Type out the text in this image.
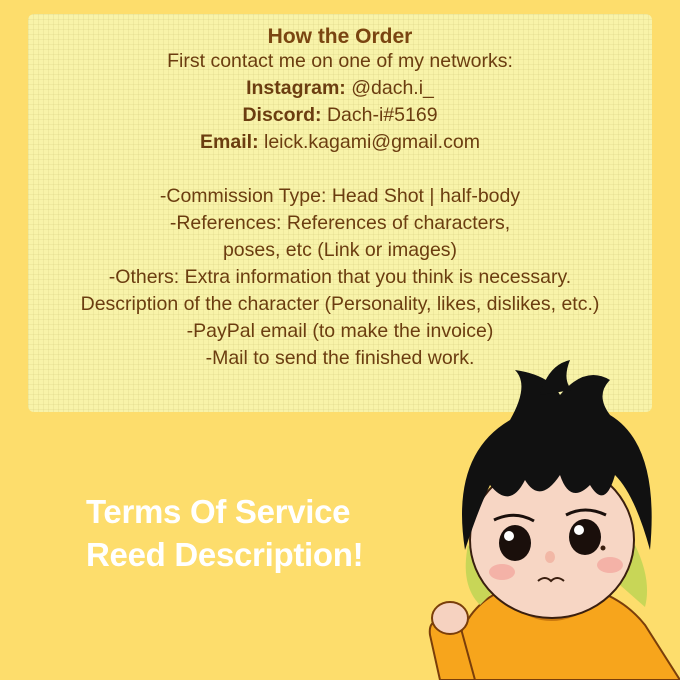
How the Order

First contact me on one of my networks:

Instagram: @dach.i_

Discord: Dach-i#5169

Email: leick.kagami@gmail.com

-Commission Type: Head Shot | half-body

-References: References of characters,

poses, etc (Link or images)

-Others: Extra information that you think is necessary.

Description of the character (Personality, likes, dislikes, etc.)

-PayPal email (to make the invoice)

-Mail to send the finished work.

Terms Of Service
Reed Description!
